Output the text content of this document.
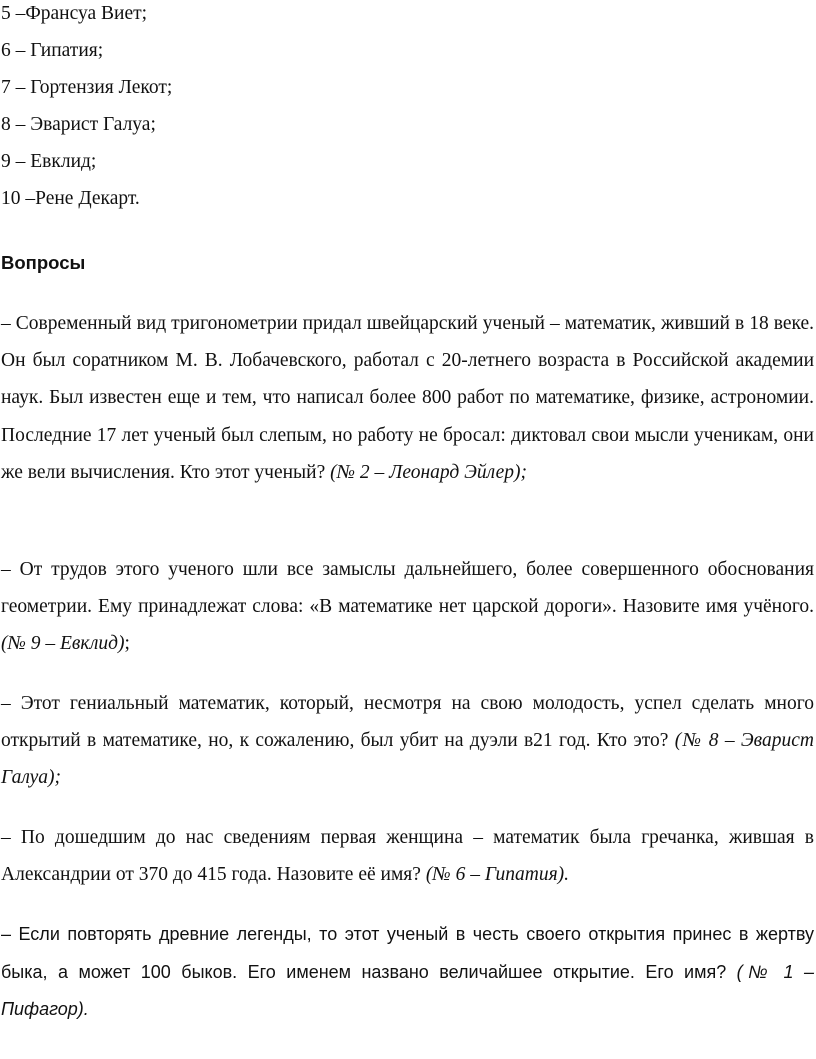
5 –Франсуа Виет;

6 – Гипатия;

7 – Гортензия Лекот;

8 – Эварист Галуа;

9 – Евклид;

10 –Рене Декарт.

Вопросы

– Современный вид тригонометрии придал швейцарский ученый – математик, живший в 18 веке. Он был соратником М. В. Лобачевского, работал с 20-летнего возраста в Российской академии наук. Был известен еще и тем, что написал более 800 работ по математике, физике, астрономии. Последние 17 лет ученый был слепым, но работу не бросал: диктовал свои мысли ученикам, они же вели вычисления. Кто этот ученый? (№ 2 – Леонард Эйлер);

– От трудов этого ученого шли все замыслы дальнейшего, более совершенного обоснования геометрии. Ему принадлежат слова: «В математике нет царской дороги». Назовите имя учёного. (№ 9 – Евклид);

– Этот гениальный математик, который, несмотря на свою молодость, успел сделать много открытий в математике, но, к сожалению, был убит на дуэли в21 год. Кто это? (№ 8 – Эварист Галуа);

– По дошедшим до нас сведениям первая женщина – математик была гречанка, жившая в Александрии от 370 до 415 года. Назовите её имя? (№ 6 – Гипатия).

– Если повторять древние легенды, то этот ученый в честь своего открытия принес в жертву быка, а может 100 быков. Его именем названо величайшее открытие. Его имя? (№ 1 – Пифагор).
